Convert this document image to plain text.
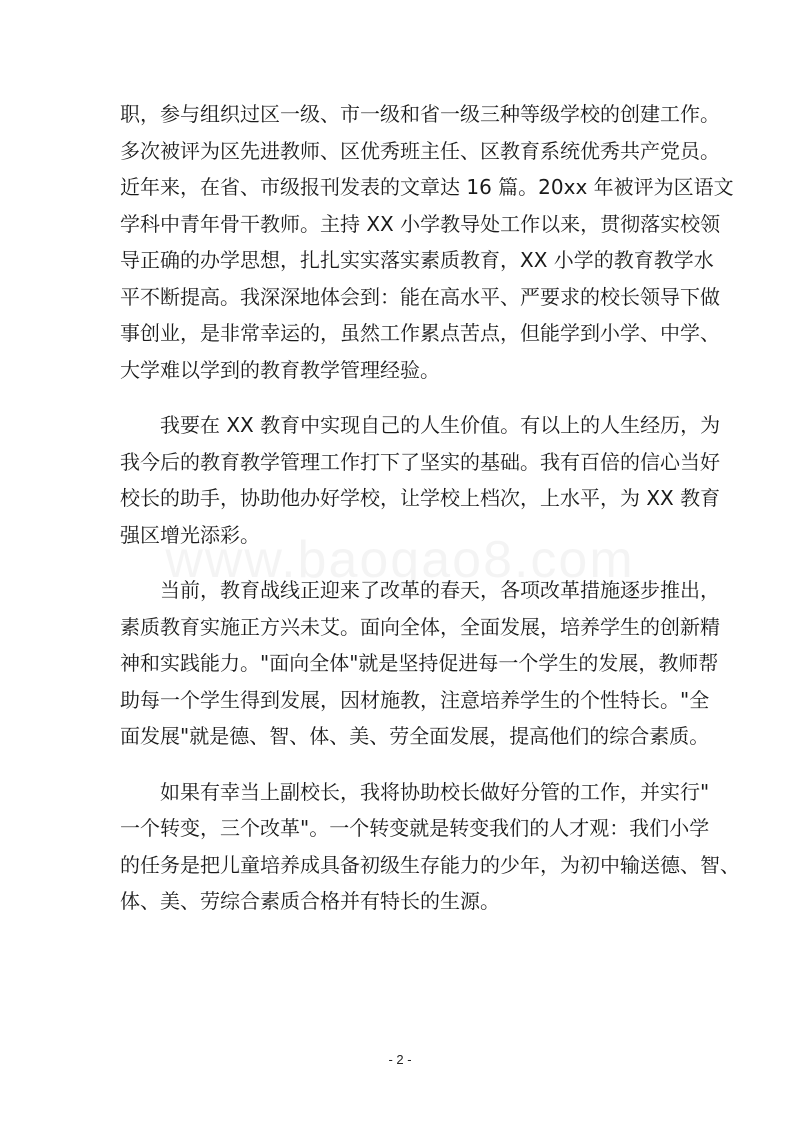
职，参与组织过区一级、市一级和省一级三种等级学校的创建工作。
多次被评为区先进教师、区优秀班主任、区教育系统优秀共产党员。
近年来，在省、市级报刊发表的文章达 16 篇。20xx 年被评为区语文
学科中青年骨干教师。主持 XX 小学教导处工作以来，贯彻落实校领
导正确的办学思想，扎扎实实落实素质教育，XX 小学的教育教学水
平不断提高。我深深地体会到：能在高水平、严要求的校长领导下做
事创业，是非常幸运的，虽然工作累点苦点，但能学到小学、中学、
大学难以学到的教育教学管理经验。

我要在 XX 教育中实现自己的人生价值。有以上的人生经历，为
我今后的教育教学管理工作打下了坚实的基础。我有百倍的信心当好
校长的助手，协助他办好学校，让学校上档次，上水平，为 XX 教育
强区增光添彩。

当前，教育战线正迎来了改革的春天，各项改革措施逐步推出，
素质教育实施正方兴未艾。面向全体，全面发展，培养学生的创新精
神和实践能力。"面向全体"就是坚持促进每一个学生的发展，教师帮
助每一个学生得到发展，因材施教，注意培养学生的个性特长。"全
面发展"就是德、智、体、美、劳全面发展，提高他们的综合素质。

如果有幸当上副校长，我将协助校长做好分管的工作，并实行"
一个转变，三个改革"。一个转变就是转变我们的人才观：我们小学
的任务是把儿童培养成具备初级生存能力的少年，为初中输送德、智、
体、美、劳综合素质合格并有特长的生源。

- 2 -
